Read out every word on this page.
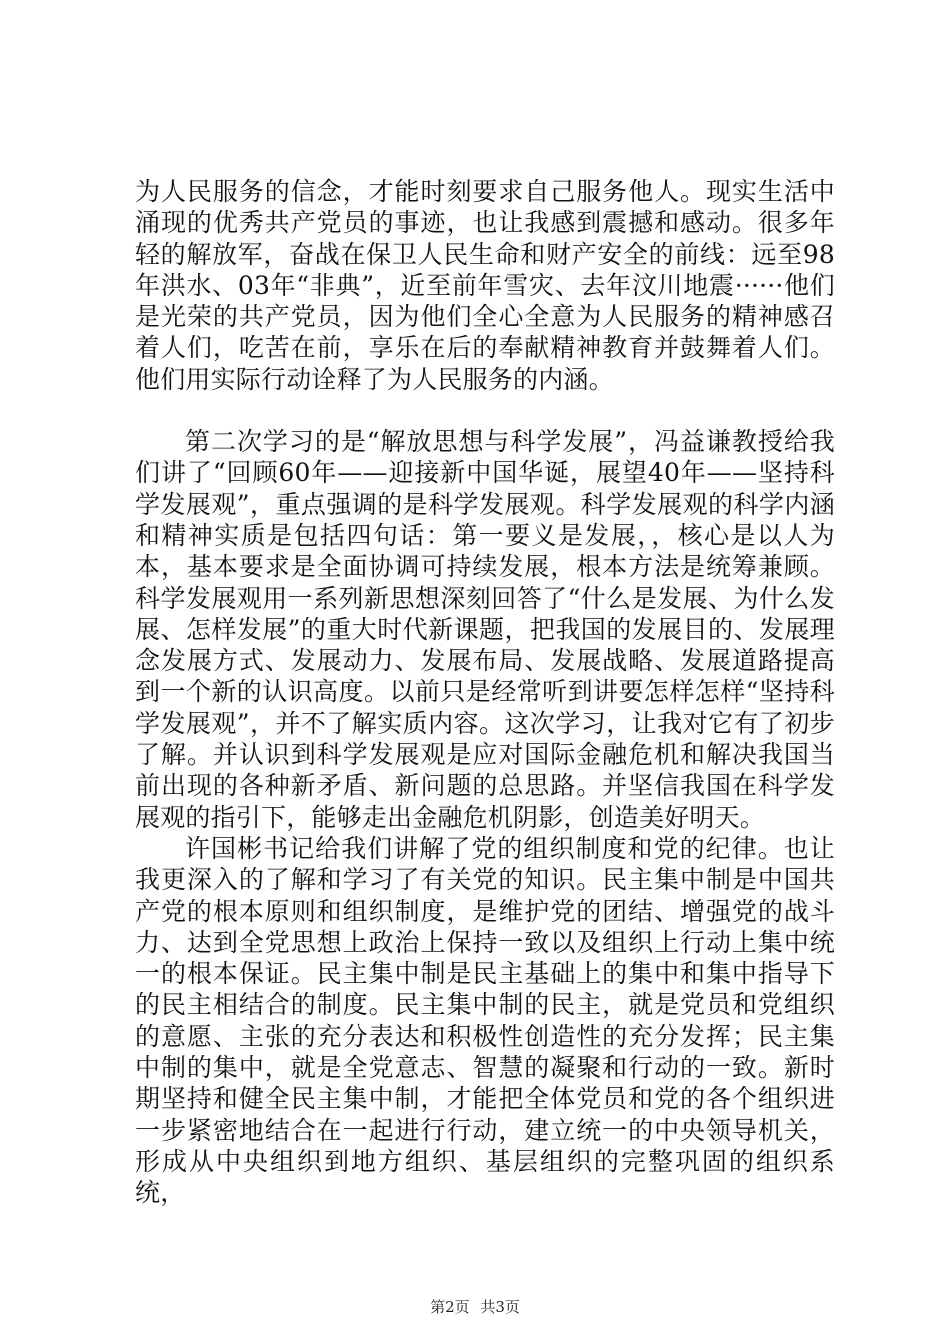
为人民服务的信念，才能时刻要求自己服务他人。现实生活中涌现的优秀共产党员的事迹，也让我感到震撼和感动。很多年轻的解放军，奋战在保卫人民生命和财产安全的前线：远至98年洪水、03年“非典”，近至前年雪灾、去年汶川地震······他们是光荣的共产党员，因为他们全心全意为人民服务的精神感召着人们，吃苦在前，享乐在后的奉献精神教育并鼓舞着人们。他们用实际行动诠释了为人民服务的内涵。

第二次学习的是“解放思想与科学发展”，冯益谦教授给我们讲了“回顾60年——迎接新中国华诞，展望40年——坚持科学发展观”，重点强调的是科学发展观。科学发展观的科学内涵和精神实质是包括四句话：第一要义是发展，，核心是以人为本，基本要求是全面协调可持续发展，根本方法是统筹兼顾。科学发展观用一系列新思想深刻回答了“什么是发展、为什么发展、怎样发展”的重大时代新课题，把我国的发展目的、发展理念发展方式、发展动力、发展布局、发展战略、发展道路提高到一个新的认识高度。以前只是经常听到讲要怎样怎样“坚持科学发展观”，并不了解实质内容。这次学习，让我对它有了初步了解。并认识到科学发展观是应对国际金融危机和解决我国当前出现的各种新矛盾、新问题的总思路。并坚信我国在科学发展观的指引下，能够走出金融危机阴影，创造美好明天。

许国彬书记给我们讲解了党的组织制度和党的纪律。也让我更深入的了解和学习了有关党的知识。民主集中制是中国共产党的根本原则和组织制度，是维护党的团结、增强党的战斗力、达到全党思想上政治上保持一致以及组织上行动上集中统一的根本保证。民主集中制是民主基础上的集中和集中指导下的民主相结合的制度。民主集中制的民主，就是党员和党组织的意愿、主张的充分表达和积极性创造性的充分发挥；民主集中制的集中，就是全党意志、智慧的凝聚和行动的一致。新时期坚持和健全民主集中制，才能把全体党员和党的各个组织进一步紧密地结合在一起进行行动，建立统一的中央领导机关，形成从中央组织到地方组织、基层组织的完整巩固的组织系统，

第2页 共3页
